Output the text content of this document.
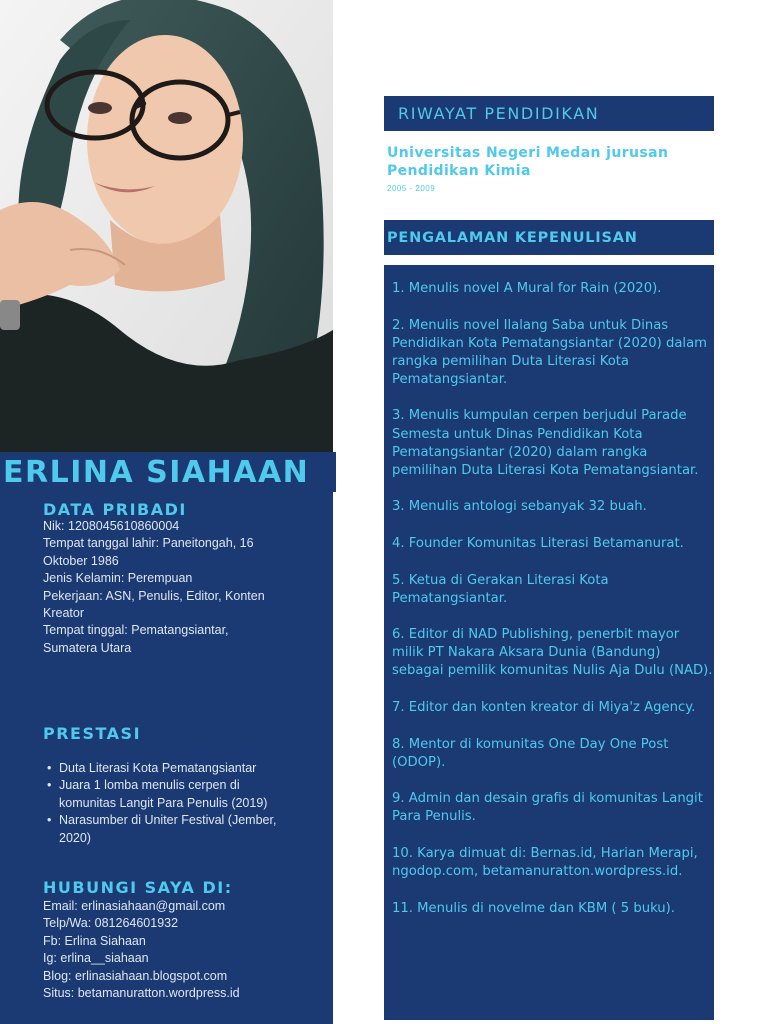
ERLINA SIAHAAN
DATA PRIBADI
Nik: 1208045610860004
Tempat tanggal lahir: Paneitongah, 16 Oktober 1986
Jenis Kelamin: Perempuan
Pekerjaan: ASN, Penulis, Editor, Konten Kreator
Tempat tinggal: Pematangsiantar, Sumatera Utara
PRESTASI
• Duta Literasi Kota Pematangsiantar
• Juara 1 lomba menulis cerpen di komunitas Langit Para Penulis (2019)
• Narasumber di Uniter Festival (Jember, 2020)
HUBUNGI SAYA DI:
Email: erlinasiahaan@gmail.com
Telp/Wa: 081264601932
Fb: Erlina Siahaan
Ig: erlina__siahaan
Blog: erlinasiahaan.blogspot.com
Situs: betamanuratton.wordpress.id
RIWAYAT PENDIDIKAN
Universitas Negeri Medan jurusan Pendidikan Kimia
2005 - 2009
PENGALAMAN KEPENULISAN
1. Menulis novel A Mural for Rain (2020).
2. Menulis novel Ilalang Saba untuk Dinas Pendidikan Kota Pematangsiantar (2020) dalam rangka pemilihan Duta Literasi Kota Pematangsiantar.
3. Menulis kumpulan cerpen berjudul Parade Semesta untuk Dinas Pendidikan Kota Pematangsiantar (2020) dalam rangka pemilihan Duta Literasi Kota Pematangsiantar.
3. Menulis antologi sebanyak 32 buah.
4. Founder Komunitas Literasi Betamanurat.
5. Ketua di Gerakan Literasi Kota Pematangsiantar.
6. Editor di NAD Publishing, penerbit mayor milik PT Nakara Aksara Dunia (Bandung) sebagai pemilik komunitas Nulis Aja Dulu (NAD).
7. Editor dan konten kreator di Miya'z Agency.
8. Mentor di komunitas One Day One Post (ODOP).
9. Admin dan desain grafis di komunitas Langit Para Penulis.
10. Karya dimuat di: Bernas.id, Harian Merapi, ngodop.com, betamanuratton.wordpress.id.
11. Menulis di novelme dan KBM ( 5 buku).
